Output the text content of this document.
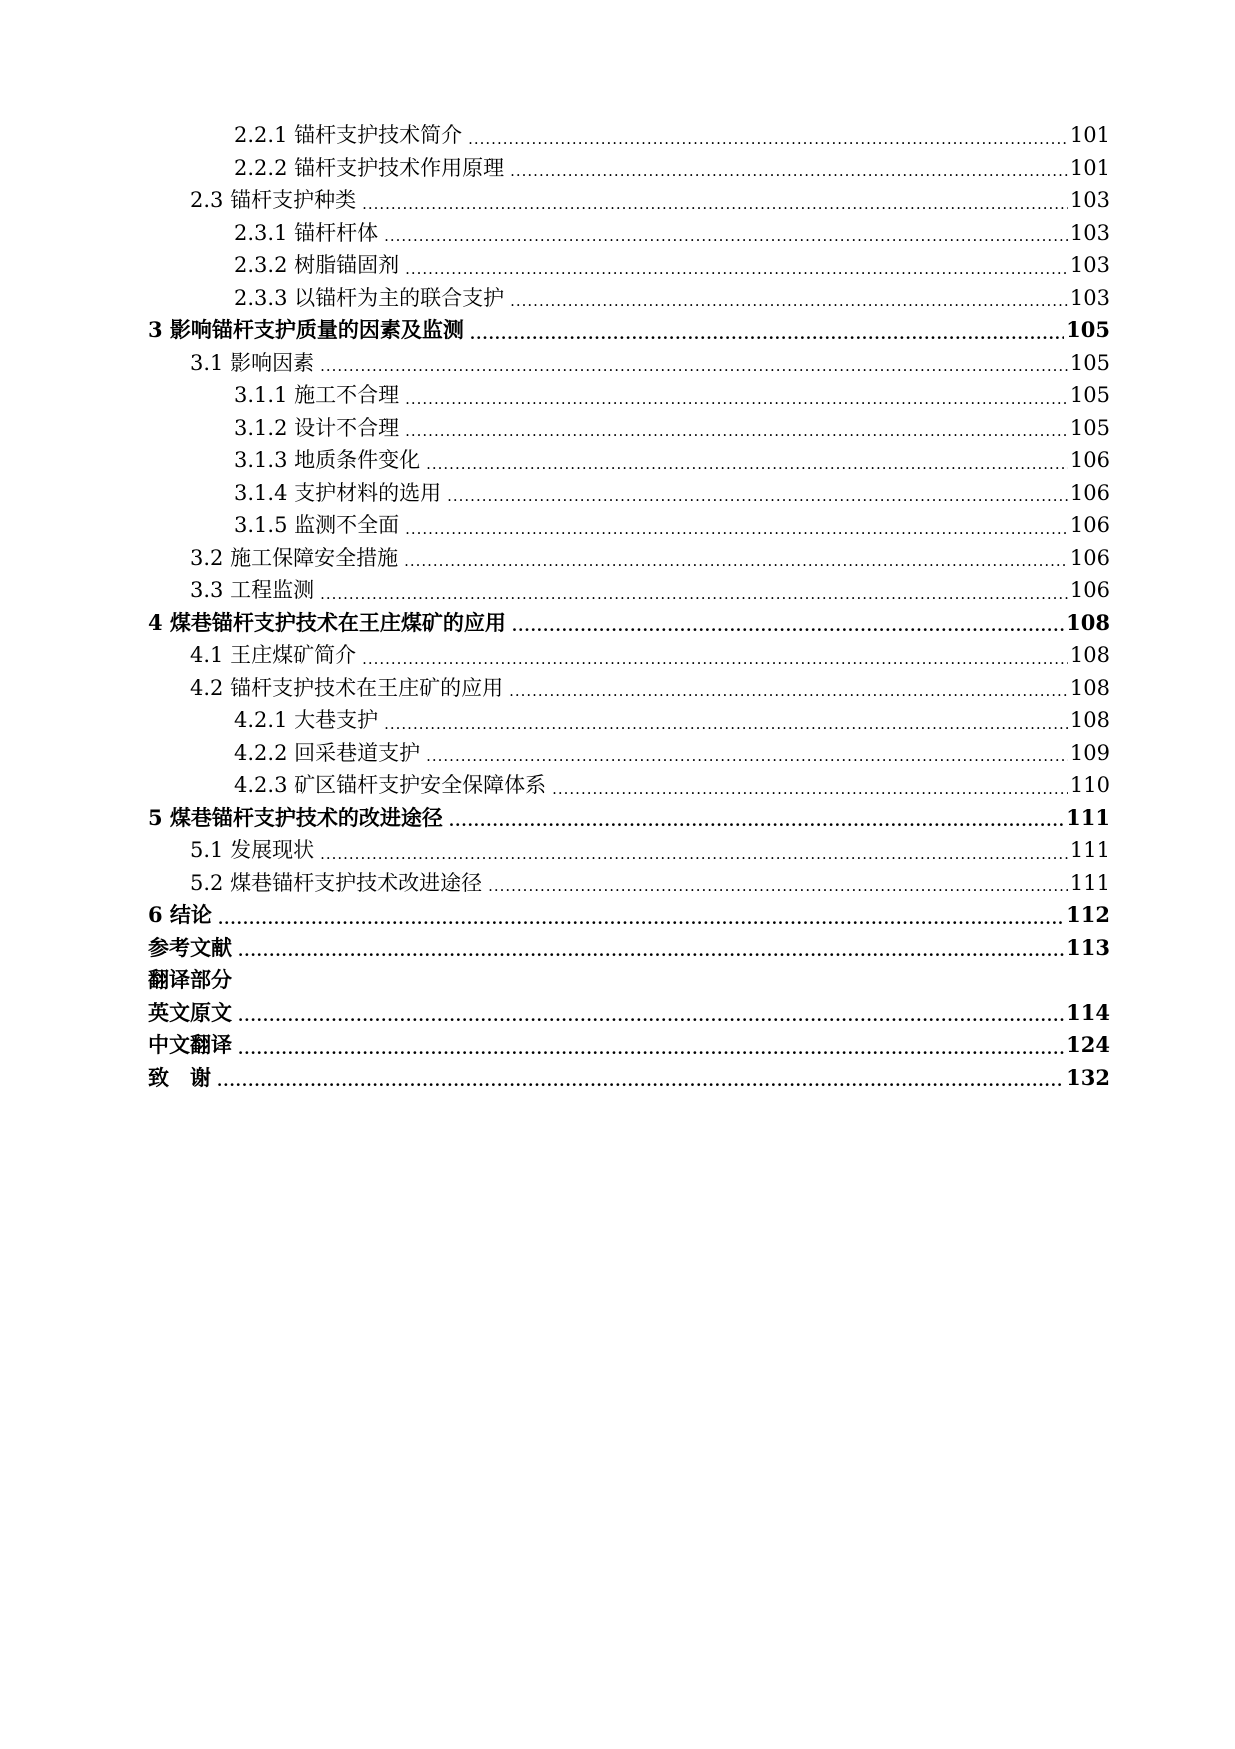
2.2.1 锚杆支护技术简介 .....	101
2.2.2 锚杆支护技术作用原理 .....	101
2.3 锚杆支护种类 .....	103
2.3.1 锚杆杆体 .....	103
2.3.2 树脂锚固剂 .....	103
2.3.3 以锚杆为主的联合支护 .....	103
3 影响锚杆支护质量的因素及监测 .....	105
3.1 影响因素 .....	105
3.1.1 施工不合理 .....	105
3.1.2 设计不合理 .....	105
3.1.3 地质条件变化 .....	106
3.1.4 支护材料的选用 .....	106
3.1.5 监测不全面 .....	106
3.2 施工保障安全措施 .....	106
3.3 工程监测 .....	106
4 煤巷锚杆支护技术在王庄煤矿的应用 .....	108
4.1 王庄煤矿简介 .....	108
4.2 锚杆支护技术在王庄矿的应用 .....	108
4.2.1 大巷支护 .....	108
4.2.2 回采巷道支护 .....	109
4.2.3 矿区锚杆支护安全保障体系 .....	110
5 煤巷锚杆支护技术的改进途径 .....	111
5.1 发展现状 .....	111
5.2 煤巷锚杆支护技术改进途径 .....	111
6 结论 .....	112
参考文献 .....	113
翻译部分
英文原文 .....	114
中文翻译 .....	124
致　谢 .....	132
